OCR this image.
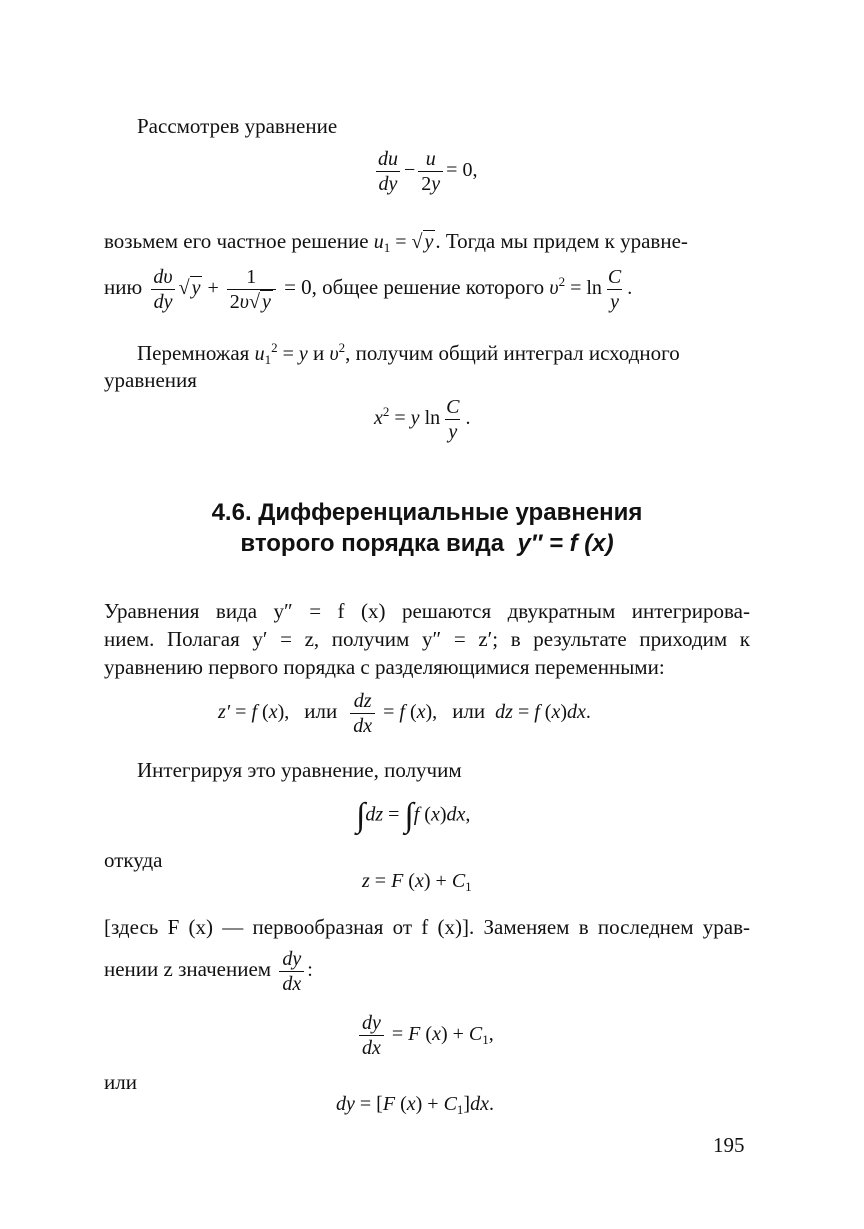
Рассмотрев уравнение
$\frac{du}{dy} - \frac{u}{2y} = 0$,
возьмем его частное решение $u_1$ = √ y. Тогда мы придем к уравне-
нию $\frac{d\upsilon}{dy}$ √ $y + \frac{1}{2\upsilon√ y} = 0$, общее решение которого $\upsilon^2 = \ln \frac{C}{y}$ .
Перемножая $u_1^2 = y$ и $\upsilon^2$, получим общий интеграл исходного
уравнения
$x^2 = y$ $\ln \frac{C}{y}$ .
4.6. Дифференциальные уравнения
второго порядка вида y″ = f (x)
Уравнения вида y″ = f (x) решаются двукратным интегрирова-
нием. Полагая y′ = z, получим y″ = z′; в результате приходим к
уравнению первого порядка с разделяющимися переменными:
z′ = f (x),   или $\frac{dz}{dx} = f$ (x),   или dz = f (x)dx.
Интегрируя это уравнение, получим
∫dz = ∫f (x)dx,
откуда
z = F $(x) + C_1$
[здесь F (x) — первообразная от f (x)]. Заменяем в последнем урав-
нении z значением $\frac{dy}{dx}$ :
$\frac{dy}{dx} = F$ $(x) + C_1$,
или
dy = [F $(x) + C_1]dx$.
195
